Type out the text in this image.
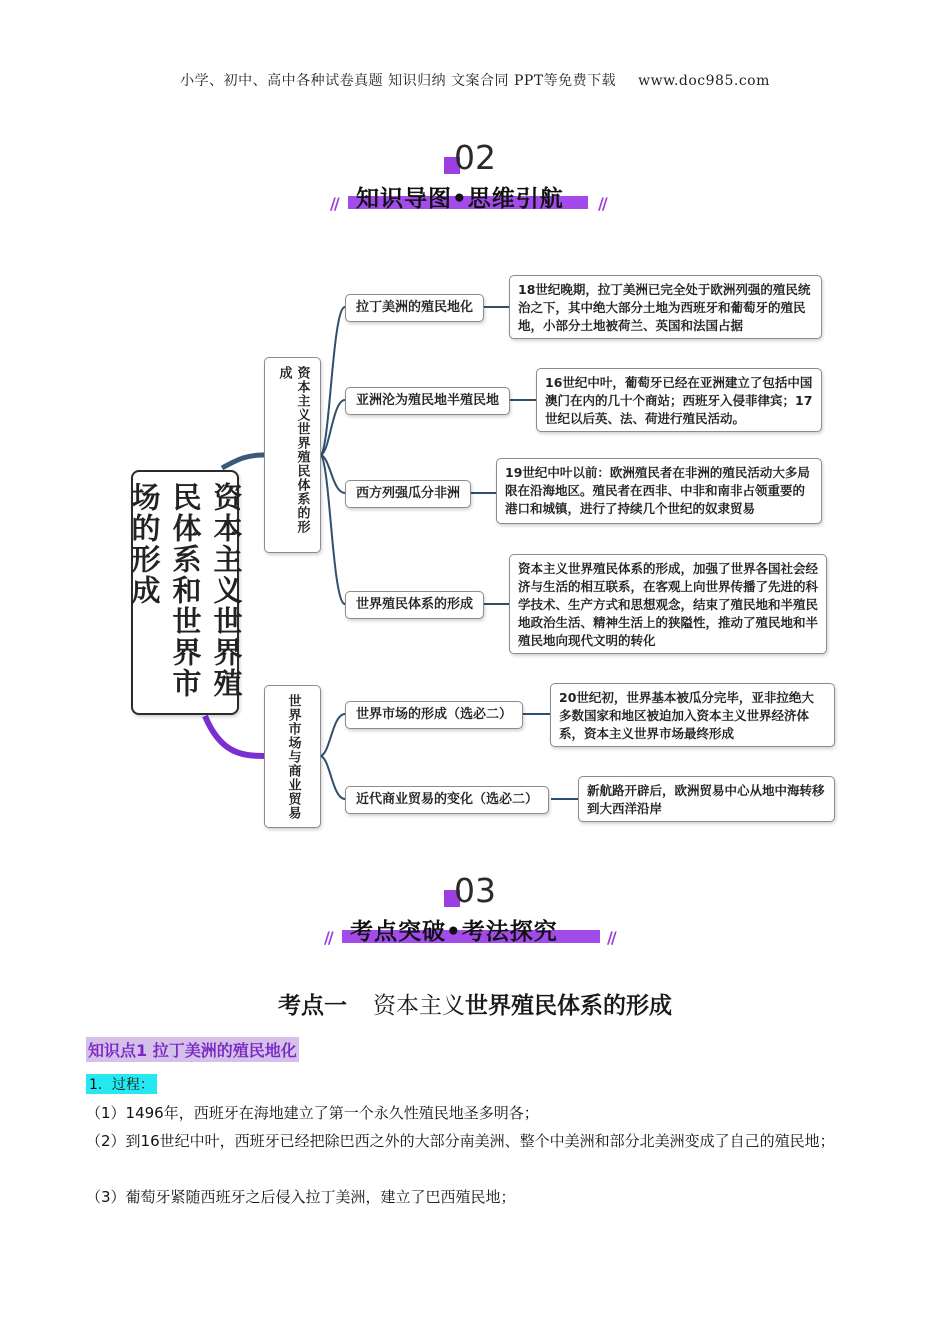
小学、初中、高中各种试卷真题 知识归纳 文案合同 PPT等免费下载 www.doc985.com
02
//	//
知识导图•思维引航
资本主义世界殖民体系和世界市场的形成
资本主义世界殖民体系的形成
世界市场与商业贸易
拉丁美洲的殖民地化
亚洲沦为殖民地半殖民地
西方列强瓜分非洲
世界殖民体系的形成
世界市场的形成（选必二）
近代商业贸易的变化（选必二）
18世纪晚期，拉丁美洲已完全处于欧洲列强的殖民统治之下，其中绝大部分土地为西班牙和葡萄牙的殖民地，小部分土地被荷兰、英国和法国占据
16世纪中叶，葡萄牙已经在亚洲建立了包括中国澳门在内的几十个商站；西班牙入侵菲律宾；17世纪以后英、法、荷进行殖民活动。
19世纪中叶以前：欧洲殖民者在非洲的殖民活动大多局限在沿海地区。殖民者在西非、中非和南非占领重要的港口和城镇，进行了持续几个世纪的奴隶贸易
资本主义世界殖民体系的形成，加强了世界各国社会经济与生活的相互联系，在客观上向世界传播了先进的科学技术、生产方式和思想观念，结束了殖民地和半殖民地政治生活、精神生活上的狭隘性，推动了殖民地和半殖民地向现代文明的转化
20世纪初，世界基本被瓜分完毕，亚非拉绝大多数国家和地区被迫加入资本主义世界经济体系，资本主义世界市场最终形成
新航路开辟后，欧洲贸易中心从地中海转移到大西洋沿岸
03
//	//
考点突破•考法探究
考点一 资本主义世界殖民体系的形成
知识点1 拉丁美洲的殖民地化
1．过程：
（1）1496年，西班牙在海地建立了第一个永久性殖民地圣多明各；
（2）到16世纪中叶，西班牙已经把除巴西之外的大部分南美洲、整个中美洲和部分北美洲变成了自己的殖民地；
（3）葡萄牙紧随西班牙之后侵入拉丁美洲，建立了巴西殖民地；
